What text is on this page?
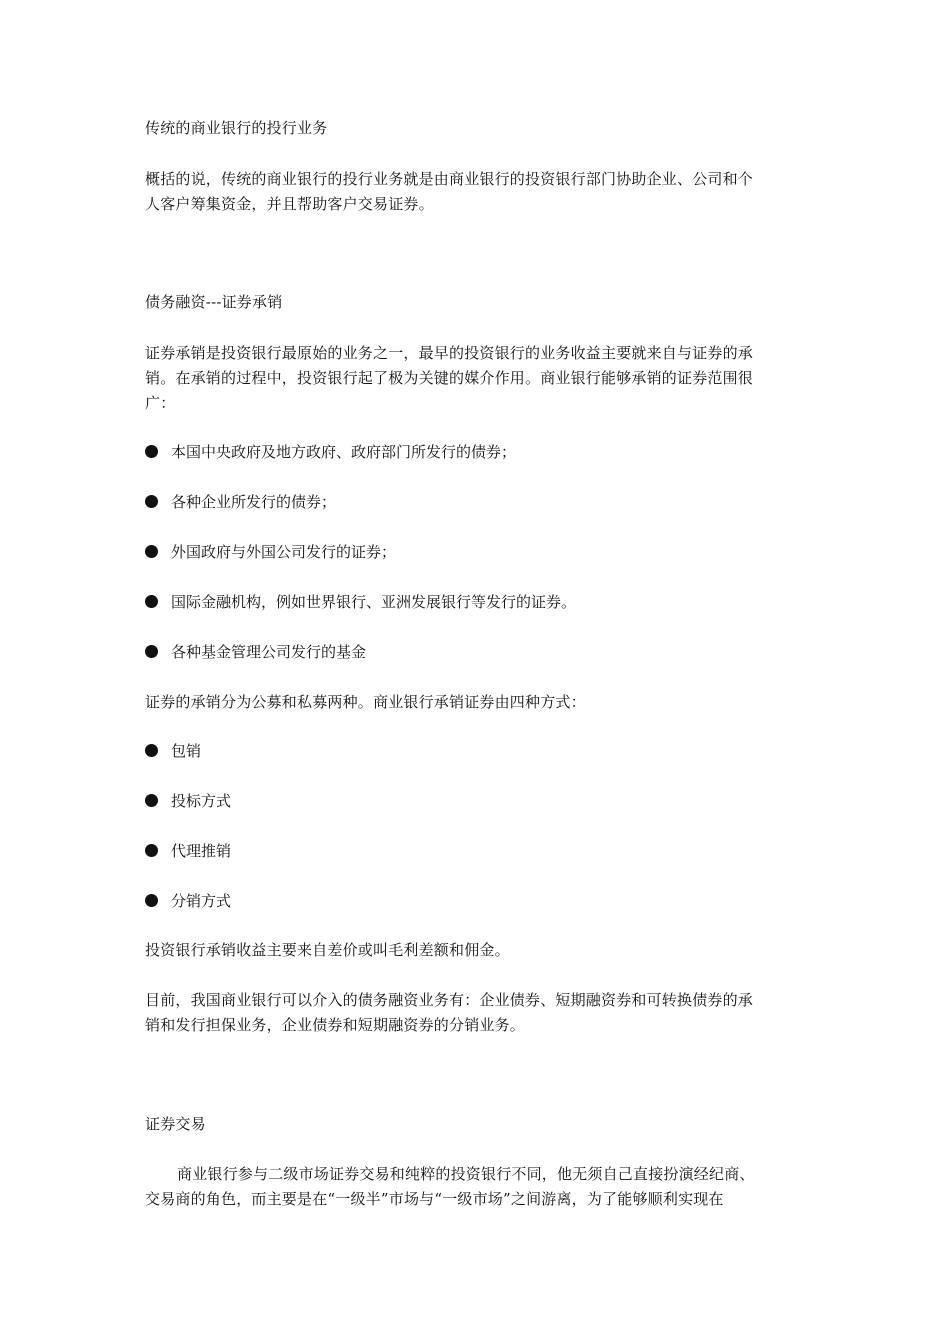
传统的商业银行的投行业务
概括的说，传统的商业银行的投行业务就是由商业银行的投资银行部门协助企业、公司和个
人客户筹集资金，并且帮助客户交易证券。
债务融资---证券承销
证券承销是投资银行最原始的业务之一，最早的投资银行的业务收益主要就来自与证券的承
销。在承销的过程中，投资银行起了极为关键的媒介作用。商业银行能够承销的证券范围很
广：
本国中央政府及地方政府、政府部门所发行的债券；
各种企业所发行的债券；
外国政府与外国公司发行的证券；
国际金融机构，例如世界银行、亚洲发展银行等发行的证券。
各种基金管理公司发行的基金
证券的承销分为公募和私募两种。商业银行承销证券由四种方式：
包销
投标方式
代理推销
分销方式
投资银行承销收益主要来自差价或叫毛利差额和佣金。
目前，我国商业银行可以介入的债务融资业务有：企业债券、短期融资券和可转换债券的承
销和发行担保业务，企业债券和短期融资券的分销业务。
证券交易
商业银行参与二级市场证券交易和纯粹的投资银行不同，他无须自己直接扮演经纪商、
交易商的角色，而主要是在“一级半”市场与“一级市场”之间游离，为了能够顺利实现在
